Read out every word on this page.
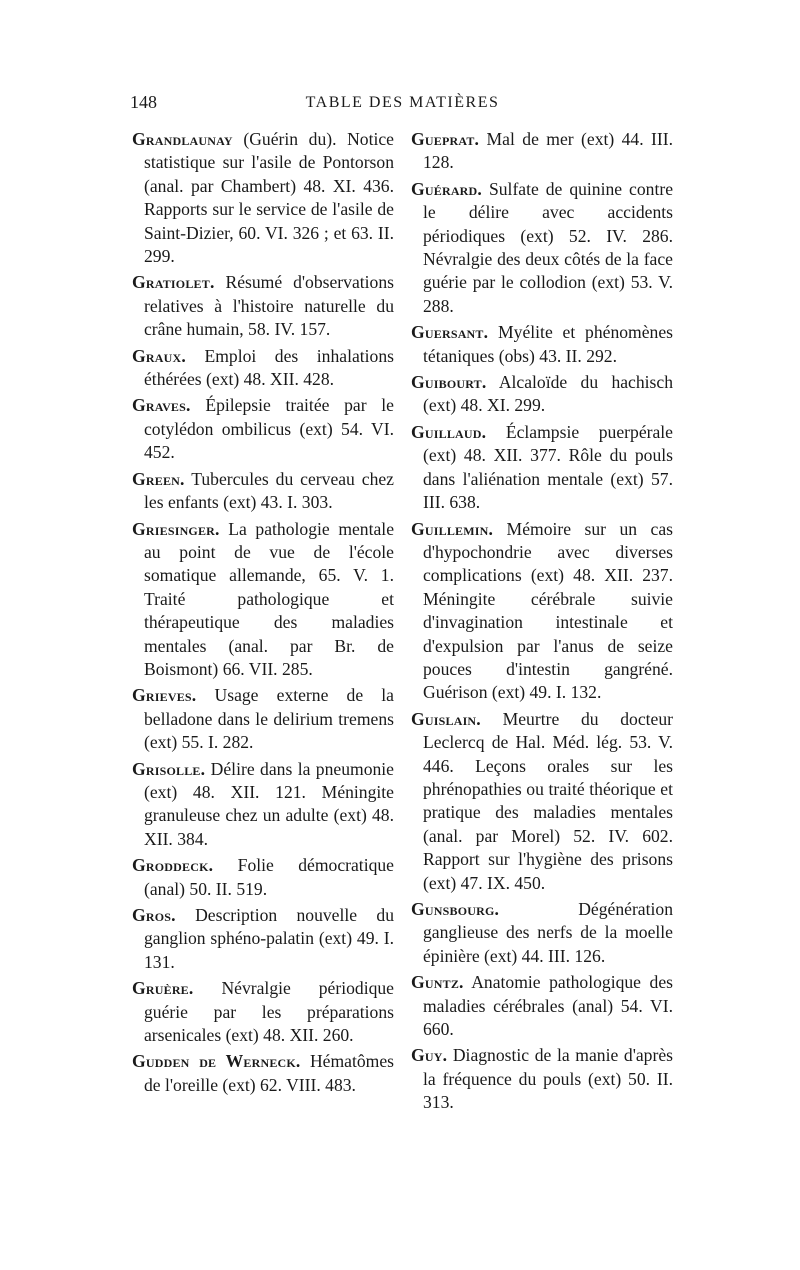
148	TABLE DES MATIÈRES

Grandlaunay (Guérin du). Notice statistique sur l'asile de Pontorson (anal. par Chambert) 48. XI. 436. Rapports sur le service de l'asile de Saint-Dizier, 60. VI. 326 ; et 63. II. 299.

Gratiolet. Résumé d'observations relatives à l'histoire naturelle du crâne humain, 58. IV. 157.

Graux. Emploi des inhalations éthérées (ext) 48. XII. 428.

Graves. Épilepsie traitée par le cotylédon ombilicus (ext) 54. VI. 452.

Green. Tubercules du cerveau chez les enfants (ext) 43. I. 303.

Griesinger. La pathologie mentale au point de vue de l'école somatique allemande, 65. V. 1. Traité pathologique et thérapeutique des maladies mentales (anal. par Br. de Boismont) 66. VII. 285.

Grieves. Usage externe de la belladone dans le delirium tremens (ext) 55. I. 282.

Grisolle. Délire dans la pneumonie (ext) 48. XII. 121. Méningite granuleuse chez un adulte (ext) 48. XII. 384.

Groddeck. Folie démocratique (anal) 50. II. 519.

Gros. Description nouvelle du ganglion sphéno-palatin (ext) 49. I. 131.

Gruère. Névralgie périodique guérie par les préparations arsenicales (ext) 48. XII. 260.

Gudden de Werneck. Hématômes de l'oreille (ext) 62. VIII. 483.

Gueprat. Mal de mer (ext) 44. III. 128.

Guérard. Sulfate de quinine contre le délire avec accidents périodiques (ext) 52. IV. 286. Névralgie des deux côtés de la face guérie par le collodion (ext) 53. V. 288.

Guersant. Myélite et phénomènes tétaniques (obs) 43. II. 292.

Guibourt. Alcaloïde du hachisch (ext) 48. XI. 299.

Guillaud. Éclampsie puerpérale (ext) 48. XII. 377. Rôle du pouls dans l'aliénation mentale (ext) 57. III. 638.

Guillemin. Mémoire sur un cas d'hypochondrie avec diverses complications (ext) 48. XII. 237. Méningite cérébrale suivie d'invagination intestinale et d'expulsion par l'anus de seize pouces d'intestin gangréné. Guérison (ext) 49. I. 132.

Guislain. Meurtre du docteur Leclercq de Hal. Méd. lég. 53. V. 446. Leçons orales sur les phrénopathies ou traité théorique et pratique des maladies mentales (anal. par Morel) 52. IV. 602. Rapport sur l'hygiène des prisons (ext) 47. IX. 450.

Gunsbourg. Dégénération ganglieuse des nerfs de la moelle épinière (ext) 44. III. 126.

Guntz. Anatomie pathologique des maladies cérébrales (anal) 54. VI. 660.

Guy. Diagnostic de la manie d'après la fréquence du pouls (ext) 50. II. 313.
